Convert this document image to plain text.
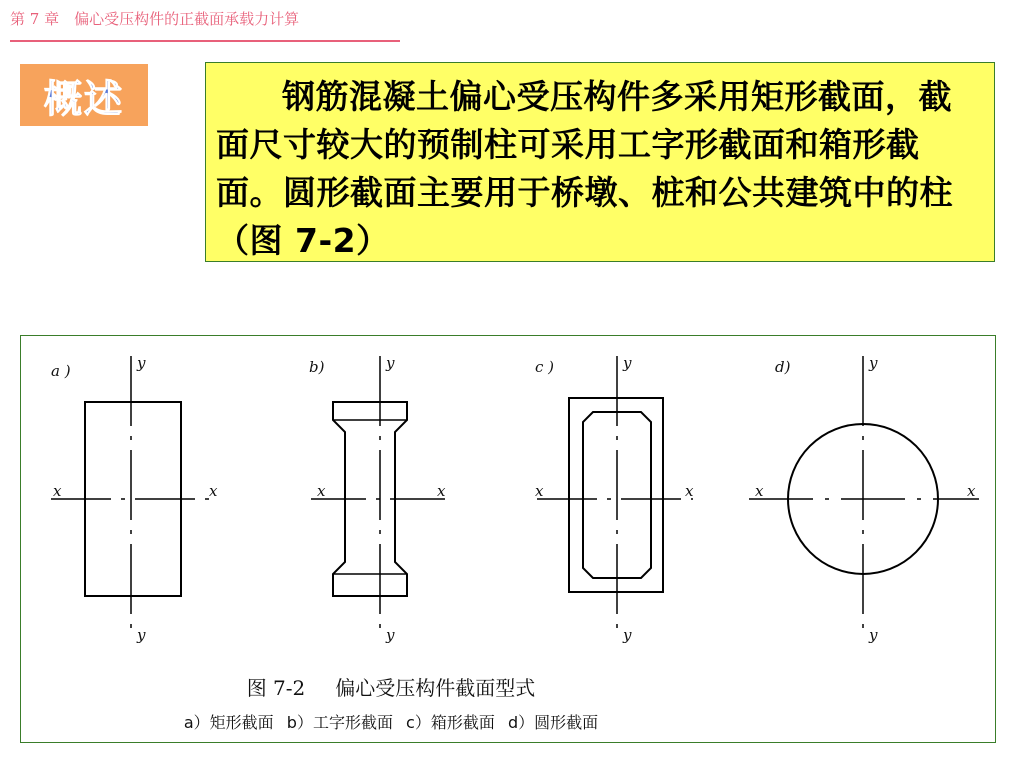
第 7 章　偏心受压构件的正截面承载力计算
概述	钢筋混凝土偏心受压构件多采用矩形截面，截面尺寸较大的预制柱可采用工字形截面和箱形截面。圆形截面主要用于桥墩、桩和公共建筑中的柱（图 7-2）

a )	b)	c )	d)
y
y
x	x
y
y
x	x
y
y
x	x
y
y
x	x
图 7-2 偏心受压构件截面型式
a）矩形截面 b）工字形截面 c）箱形截面 d）圆形截面
